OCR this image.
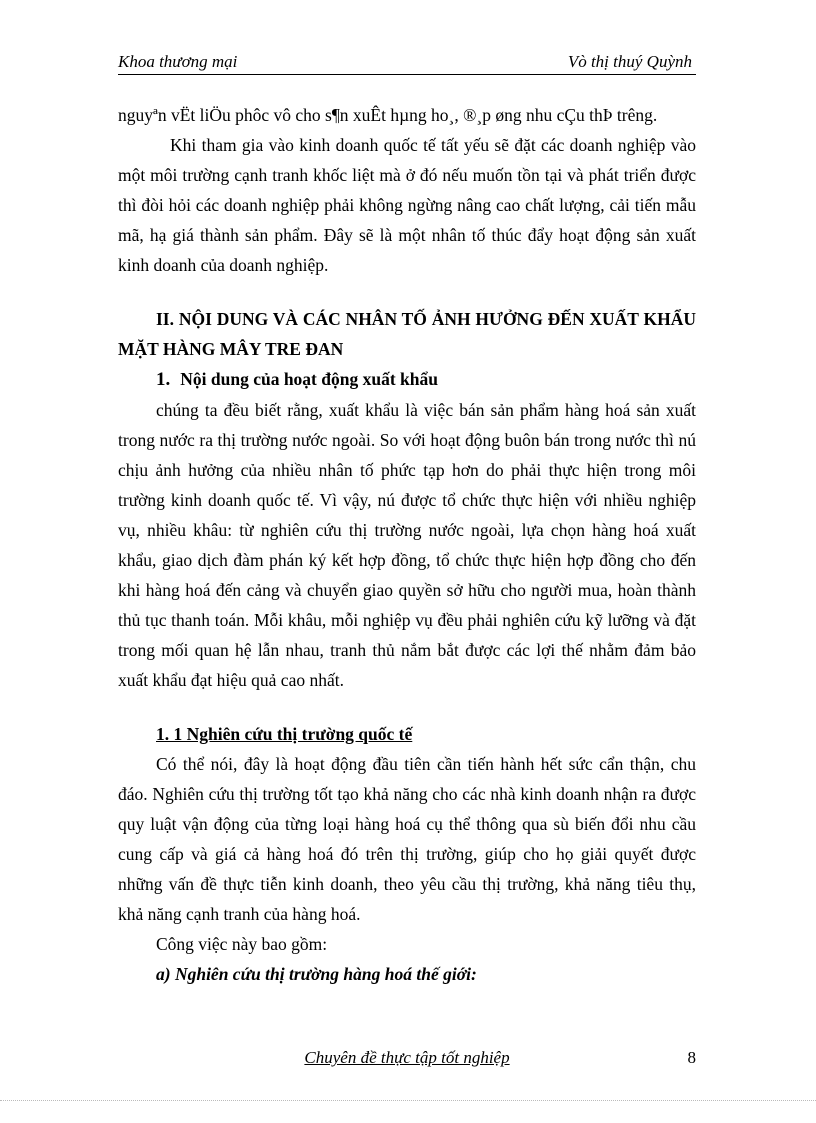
Khoa thương mại	Vò thị thuý Quỳnh

nguyªn vËt liÖu phôc vô cho s¶n xuÊt hµng ho¸, ®¸p øng nhu cÇu thÞ trêng.

Khi tham gia vào kinh doanh quốc tế tất yếu sẽ đặt các doanh nghiệp vào một môi trường cạnh tranh khốc liệt mà ở đó nếu muốn tồn tại và phát triển được thì đòi hỏi các doanh nghiệp phải không ngừng nâng cao chất lượng, cải tiến mẫu mã, hạ giá thành sản phẩm. Đây sẽ là một nhân tố thúc đẩy hoạt động sản xuất kinh doanh của doanh nghiệp.

II. NỘI DUNG VÀ CÁC NHÂN TỐ ẢNH HƯỞNG ĐẾN XUẤT KHẨU MẶT HÀNG MÂY TRE ĐAN

1. Nội dung của hoạt động xuất khẩu

chúng ta đều biết rằng, xuất khẩu là việc bán sản phẩm hàng hoá sản xuất trong nước ra thị trường nước ngoài. So với hoạt động buôn bán trong nước thì nú chịu ảnh hưởng của nhiều nhân tố phức tạp hơn do phải thực hiện trong môi trường kinh doanh quốc tế. Vì vậy, nú được tổ chức thực hiện với nhiều nghiệp vụ, nhiều khâu: từ nghiên cứu thị trường nước ngoài, lựa chọn hàng hoá xuất khẩu, giao dịch đàm phán ký kết hợp đồng, tổ chức thực hiện hợp đồng cho đến khi hàng hoá đến cảng và chuyển giao quyền sở hữu cho người mua, hoàn thành thủ tục thanh toán. Mỗi khâu, mỗi nghiệp vụ đều phải nghiên cứu kỹ lưỡng và đặt trong mối quan hệ lẫn nhau, tranh thủ nắm bắt được các lợi thế nhằm đảm bảo xuất khẩu đạt hiệu quả cao nhất.

1. 1 Nghiên cứu thị trường quốc tế

Có thể nói, đây là hoạt động đầu tiên cần tiến hành hết sức cẩn thận, chu đáo. Nghiên cứu thị trường tốt tạo khả năng cho các nhà kinh doanh nhận ra được quy luật vận động của từng loại hàng hoá cụ thể thông qua sù biến đổi nhu cầu cung cấp và giá cả hàng hoá đó trên thị trường, giúp cho họ giải quyết được những vấn đề thực tiễn kinh doanh, theo yêu cầu thị trường, khả năng tiêu thụ, khả năng cạnh tranh của hàng hoá.

Công việc này bao gồm:

a) Nghiên cứu thị trường hàng hoá thế giới:

Chuyên đề thực tập tốt nghiệp	8
